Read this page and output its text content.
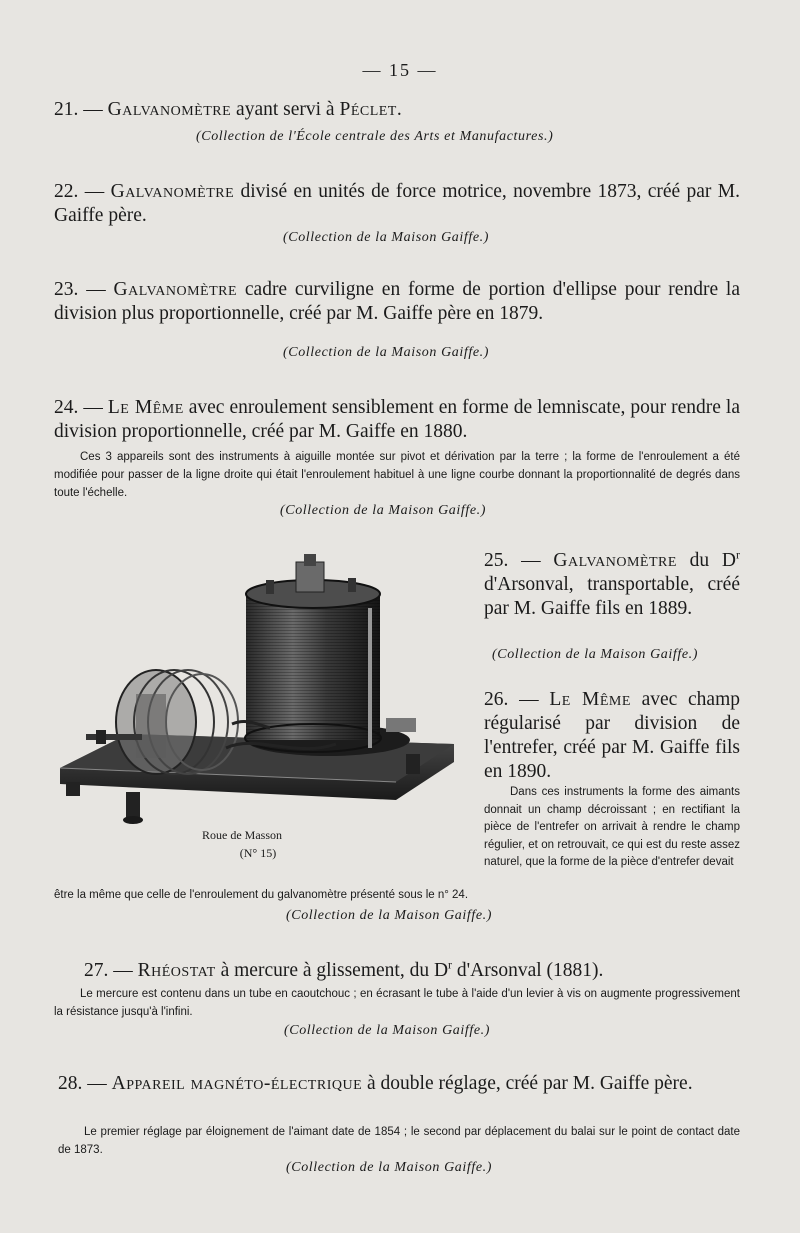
— 15 —
21. — Galvanomètre ayant servi à Péclet.
(Collection de l'École centrale des Arts et Manufactures.)
22. — Galvanomètre divisé en unités de force motrice, novembre 1873, créé par M. Gaiffe père.
(Collection de la Maison Gaiffe.)
23. — Galvanomètre cadre curviligne en forme de portion d'ellipse pour rendre la division plus proportionnelle, créé par M. Gaiffe père en 1879.
(Collection de la Maison Gaiffe.)
24. — Le Même avec enroulement sensiblement en forme de lemniscate, pour rendre la division proportionnelle, créé par M. Gaiffe en 1880.
Ces 3 appareils sont des instruments à aiguille montée sur pivot et dérivation par la terre ; la forme de l'enroulement a été modifiée pour passer de la ligne droite qui était l'enroulement habituel à une ligne courbe donnant la proportionnalité de degrés dans toute l'échelle.
(Collection de la Maison Gaiffe.)
Roue de Masson
(N° 15)
25. — Galvanomètre du $D^r$ d'Arsonval, transportable, créé par M. Gaiffe fils en 1889.
(Collection de la Maison Gaiffe.)
26. — Le Même avec champ régularisé par division de l'entrefer, créé par M. Gaiffe fils en 1890.
Dans ces instruments la forme des aimants donnait un champ décroissant ; en rectifiant la pièce de l'entrefer on arrivait à rendre le champ régulier, et on retrouvait, ce qui est du reste assez naturel, que la forme de la pièce d'entrefer devait
être la même que celle de l'enroulement du galvanomètre présenté sous le n° 24.
(Collection de la Maison Gaiffe.)
27. — Rhéostat à mercure à glissement, du $D^r$ d'Arsonval (1881).
Le mercure est contenu dans un tube en caoutchouc ; en écrasant le tube à l'aide d'un levier à vis on augmente progressivement la résistance jusqu'à l'infini.
(Collection de la Maison Gaiffe.)
28. — Appareil magnéto-électrique à double réglage, créé par M. Gaiffe père.
Le premier réglage par éloignement de l'aimant date de 1854 ; le second par déplacement du balai sur le point de contact date de 1873.
(Collection de la Maison Gaiffe.)
